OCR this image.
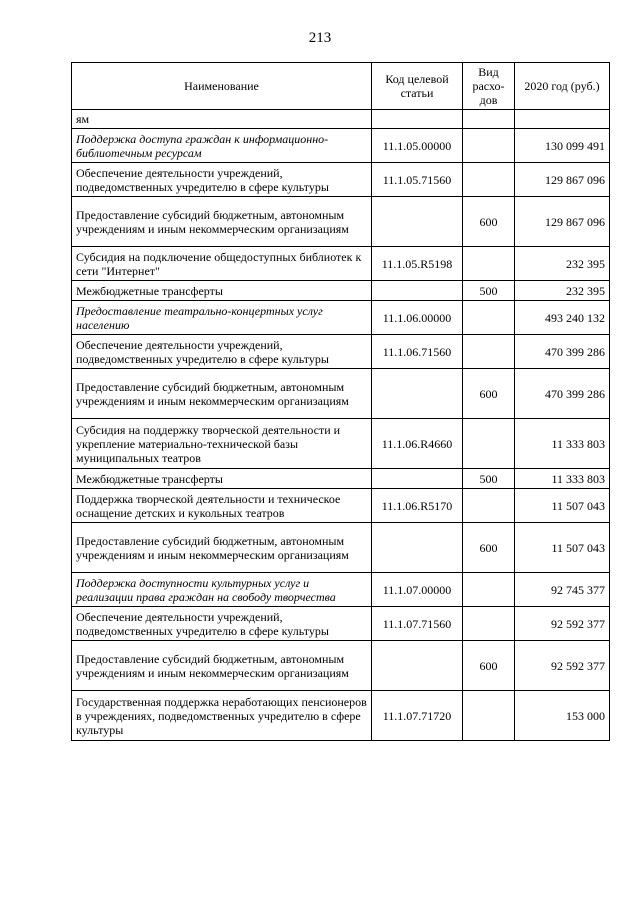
213
Наименование	Код целевой статьи	Вид расхо-дов	2020 год (руб.)
ям			
Поддержка доступа граждан к информационно-библиотечным ресурсам	11.1.05.00000		130 099 491
Обеспечение деятельности учреждений, подведомственных учредителю в сфере культуры	11.1.05.71560		129 867 096
Предоставление субсидий бюджетным, автономным учреждениям и иным некоммерческим организациям		600	129 867 096
Субсидия на подключение общедоступных библиотек к сети "Интернет"	11.1.05.R5198		232 395
Межбюджетные трансферты		500	232 395
Предоставление театрально-концертных услуг населению	11.1.06.00000		493 240 132
Обеспечение деятельности учреждений, подведомственных учредителю в сфере культуры	11.1.06.71560		470 399 286
Предоставление субсидий бюджетным, автономным учреждениям и иным некоммерческим организациям		600	470 399 286
Субсидия на поддержку творческой деятельности и укрепление материально-технической базы муниципальных театров	11.1.06.R4660		11 333 803
Межбюджетные трансферты		500	11 333 803
Поддержка творческой деятельности и техническое оснащение детских и кукольных театров	11.1.06.R5170		11 507 043
Предоставление субсидий бюджетным, автономным учреждениям и иным некоммерческим организациям		600	11 507 043
Поддержка доступности культурных услуг и реализации права граждан на свободу творчества	11.1.07.00000		92 745 377
Обеспечение деятельности учреждений, подведомственных учредителю в сфере культуры	11.1.07.71560		92 592 377
Предоставление субсидий бюджетным, автономным учреждениям и иным некоммерческим организациям		600	92 592 377
Государственная поддержка неработающих пенсионеров в учреждениях, подведомственных учредителю в сфере культуры	11.1.07.71720		153 000
